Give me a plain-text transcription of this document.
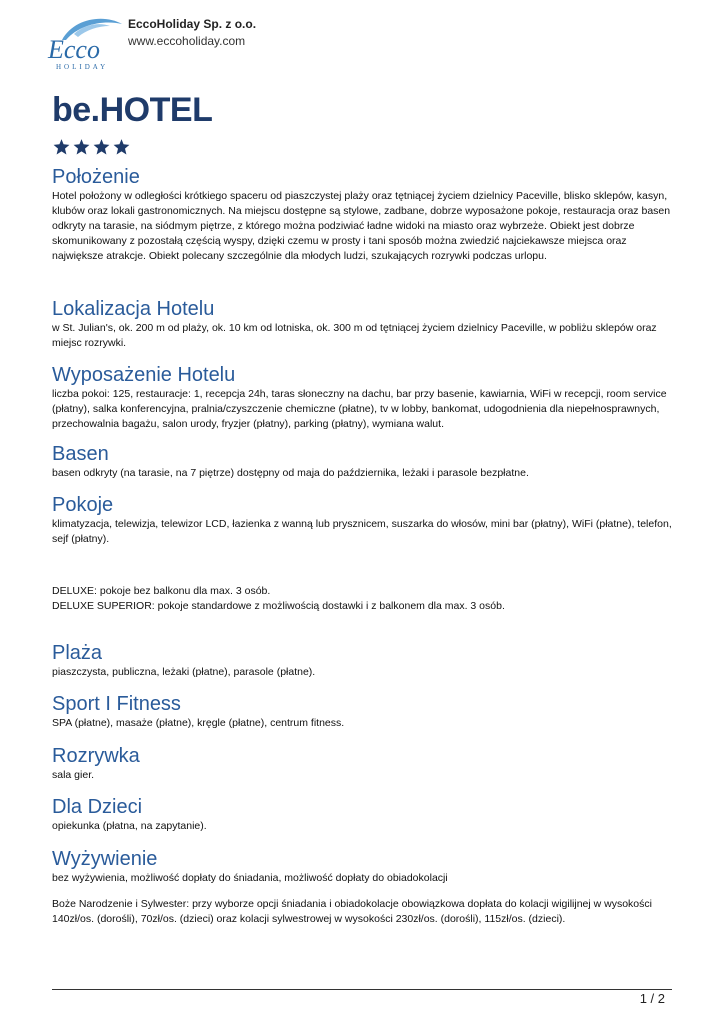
Ecco
HOLIDAY
EccoHoliday Sp. z o.o.
www.eccoholiday.com
be.HOTEL
Położenie

Hotel położony w odległości krótkiego spaceru od piaszczystej plaży oraz tętniącej życiem dzielnicy Paceville, blisko sklepów, kasyn, klubów oraz lokali gastronomicznych. Na miejscu dostępne są stylowe, zadbane, dobrze wyposażone pokoje, restauracja oraz basen odkryty na tarasie, na siódmym piętrze, z którego można podziwiać ładne widoki na miasto oraz wybrzeże. Obiekt jest dobrze skomunikowany z pozostałą częścią wyspy, dzięki czemu w prosty i tani sposób można zwiedzić najciekawsze miejsca oraz największe atrakcje. Obiekt polecany szczególnie dla młodych ludzi, szukających rozrywki podczas urlopu.

Lokalizacja Hotelu

w St. Julian's, ok. 200 m od plaży, ok. 10 km od lotniska, ok. 300 m od tętniącej życiem dzielnicy Paceville, w pobliżu sklepów oraz miejsc rozrywki.

Wyposażenie Hotelu

liczba pokoi: 125, restauracje: 1, recepcja 24h, taras słoneczny na dachu, bar przy basenie, kawiarnia, WiFi w recepcji, room service (płatny), salka konferencyjna, pralnia/czyszczenie chemiczne (płatne), tv w lobby, bankomat, udogodnienia dla niepełnosprawnych, przechowalnia bagażu, salon urody, fryzjer (płatny), parking (płatny), wymiana walut.

Basen

basen odkryty (na tarasie, na 7 piętrze) dostępny od maja do października, leżaki i parasole bezpłatne.

Pokoje

klimatyzacja, telewizja, telewizor LCD, łazienka z wanną lub prysznicem, suszarka do włosów, mini bar (płatny), WiFi (płatne), telefon, sejf (płatny).

DELUXE: pokoje bez balkonu dla max. 3 osób.

DELUXE SUPERIOR: pokoje standardowe z możliwością dostawki i z balkonem dla max. 3 osób.

Plaża

piaszczysta, publiczna, leżaki (płatne), parasole (płatne).

Sport I Fitness

SPA (płatne), masaże (płatne), kręgle (płatne), centrum fitness.

Rozrywka

sala gier.

Dla Dzieci

opiekunka (płatna, na zapytanie).

Wyżywienie

bez wyżywienia, możliwość dopłaty do śniadania, możliwość dopłaty do obiadokolacji

Boże Narodzenie i Sylwester: przy wyborze opcji śniadania i obiadokolacje obowiązkowa dopłata do kolacji wigilijnej w wysokości 140zł/os. (dorośli), 70zł/os. (dzieci) oraz kolacji sylwestrowej w wysokości 230zł/os. (dorośli), 115zł/os. (dzieci).

1 / 2
